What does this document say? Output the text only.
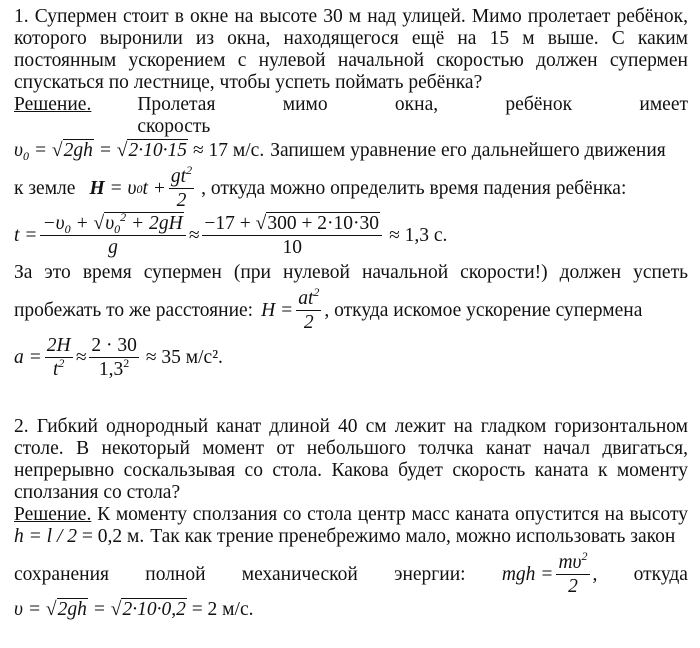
1. Супермен стоит в окне на высоте 30 м над улицей. Мимо пролетает ребёнок, которого выронили из окна, находящегося ещё на 15 м выше. С каким постоянным ускорением с нулевой начальной скоростью должен супермен спускаться по лестнице, чтобы успеть поймать ребёнка?

Решение. Пролетая мимо окна, ребёнок имеет скорость

$\upsilon_0 = √2gh = √2\cdot 10\cdot 15 \approx 17$ м/с. Запишем уравнение его дальнейшего движения
к земле H = υ 0 $t + \frac{gt^2}{2}$ , откуда можно определить время падения ребёнка:
$t = \frac{-\upsilon_0 + √\upsilon_0^2 + 2gH}{g} \approx \frac{-17 + √300 + 2\cdot 10\cdot 30}{10} \approx 1,3$ с.

За это время супермен (при нулевой начальной скорости!) должен успеть

пробежать то же расстояние: $H = \frac{at^2}{2}$ , откуда искомое ускорение супермена
$a = \frac{2H}{t^2} \approx \frac{2 \cdot 30}{1,3^2} \approx 35$ м/с².

2. Гибкий однородный канат длиной 40 см лежит на гладком горизонтальном столе. В некоторый момент от небольшого толчка канат начал двигаться, непрерывно соскальзывая со стола. Какова будет скорость каната к моменту сползания со стола?

Решение. К моменту сползания со стола центр масс каната опустится на высоту

h = l / 2 = 0,2 м. Так как трение пренебрежимо мало, можно использовать закон
сохранения полной механической энергии: mgh = $\frac{m\upsilon^2}{2}$ , откуда
υ = √2gh = √2·10·0,2 = 2 м/с.
